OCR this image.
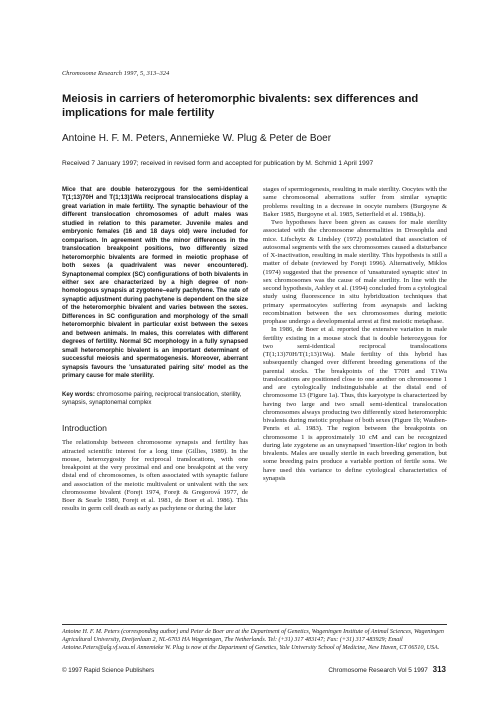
Chromosome Research 1997, 5, 313–324
Meiosis in carriers of heteromorphic bivalents: sex differences and implications for male fertility
Antoine H. F. M. Peters, Annemieke W. Plug & Peter de Boer
Received 7 January 1997; received in revised form and accepted for publication by M. Schmid 1 April 1997

Mice that are double heterozygous for the semi-identical T(1;13)70H and T(1;13)1Wa reciprocal translocations display a great variation in male fertility. The synaptic behaviour of the different translocation chromosomes of adult males was studied in relation to this parameter. Juvenile males and embryonic females (16 and 18 days old) were included for comparison. In agreement with the minor differences in the translocation breakpoint positions, two differently sized heteromorphic bivalents are formed in meiotic prophase of both sexes (a quadrivalent was never encountered). Synaptonemal complex (SC) configurations of both bivalents in either sex are characterized by a high degree of non-homologous synapsis at zygotene–early pachytene. The rate of synaptic adjustment during pachytene is dependent on the size of the heteromorphic bivalent and varies between the sexes. Differences in SC configuration and morphology of the small heteromorphic bivalent in particular exist between the sexes and between animals. In males, this correlates with different degrees of fertility. Normal SC morphology in a fully synapsed small heteromorphic bivalent is an important determinant of successful meiosis and spermatogenesis. Moreover, aberrant synapsis favours the 'unsaturated pairing site' model as the primary cause for male sterility.

Key words: chromosome pairing, reciprocal translocation, sterility, synapsis, synaptonemal complex

Introduction

The relationship between chromosome synapsis and fertility has attracted scientific interest for a long time (Gillies, 1989). In the mouse, heterozygosity for reciprocal translocations, with one breakpoint at the very proximal end and one breakpoint at the very distal end of chromosomes, is often associated with synaptic failure and association of the meiotic multivalent or univalent with the sex chromosome bivalent (Forejt 1974, Forejt & Gregorová 1977, de Boer & Searle 1980, Forejt et al. 1981, de Boer et al. 1986). This results in germ cell death as early as pachytene or during the later

stages of spermiogenesis, resulting in male sterility. Oocytes with the same chromosomal aberrations suffer from similar synaptic problems resulting in a decrease in oocyte numbers (Burgoyne & Baker 1985, Burgoyne et al. 1985, Setterfield et al. 1988a,b).

Two hypotheses have been given as causes for male sterility associated with the chromosome abnormalities in Drosophila and mice. Lifschytz & Lindsley (1972) postulated that association of autosomal segments with the sex chromosomes caused a disturbance of X-inactivation, resulting in male sterility. This hypothesis is still a matter of debate (reviewed by Forejt 1996). Alternatively, Miklos (1974) suggested that the presence of 'unsaturated synaptic sites' in sex chromosomes was the cause of male sterility. In line with the second hypothesis, Ashley et al. (1994) concluded from a cytological study using fluorescence in situ hybridization techniques that primary spermatocytes suffering from asynapsis and lacking recombination between the sex chromosomes during meiotic prophase undergo a developmental arrest at first meiotic metaphase.

In 1986, de Boer et al. reported the extensive variation in male fertility existing in a mouse stock that is double heterozygous for two semi-identical reciprocal translocations (T(1;13)70H/T(1;13)1Wa). Male fertility of this hybrid has subsequently changed over different breeding generations of the parental stocks. The breakpoints of the T70H and T1Wa translocations are positioned close to one another on chromosome 1 and are cytologically indistinguishable at the distal end of chromosome 13 (Figure 1a). Thus, this karyotype is characterized by having two large and two small semi-identical translocation chromosomes always producing two differently sized heteromorphic bivalents during meiotic prophase of both sexes (Figure 1b; Wauben-Penris et al. 1983). The region between the breakpoints on chromosome 1 is approximately 10 cM and can be recognized during late zygotene as an unsynapsed 'insertion-like' region in both bivalents. Males are usually sterile in each breeding generation, but some breeding pairs produce a variable portion of fertile sons. We have used this variance to define cytological characteristics of synapsis

Antoine H. F. M. Peters (corresponding author) and Peter de Boer are at the Department of Genetics, Wageningen Institute of Animal Sciences, Wageningen Agricultural University, Dreijenlaan 2, NL-6703 HA Wageningen, The Netherlands. Tel: (+31) 317 483147; Fax: (+31) 317 483929; Email Antoine.Peters@alg.vf.wau.nl Annemieke W. Plug is now at the Department of Genetics, Yale University School of Medicine, New Haven, CT 06510, USA.
© 1997 Rapid Science Publishers	Chromosome Research Vol 5 1997 313
